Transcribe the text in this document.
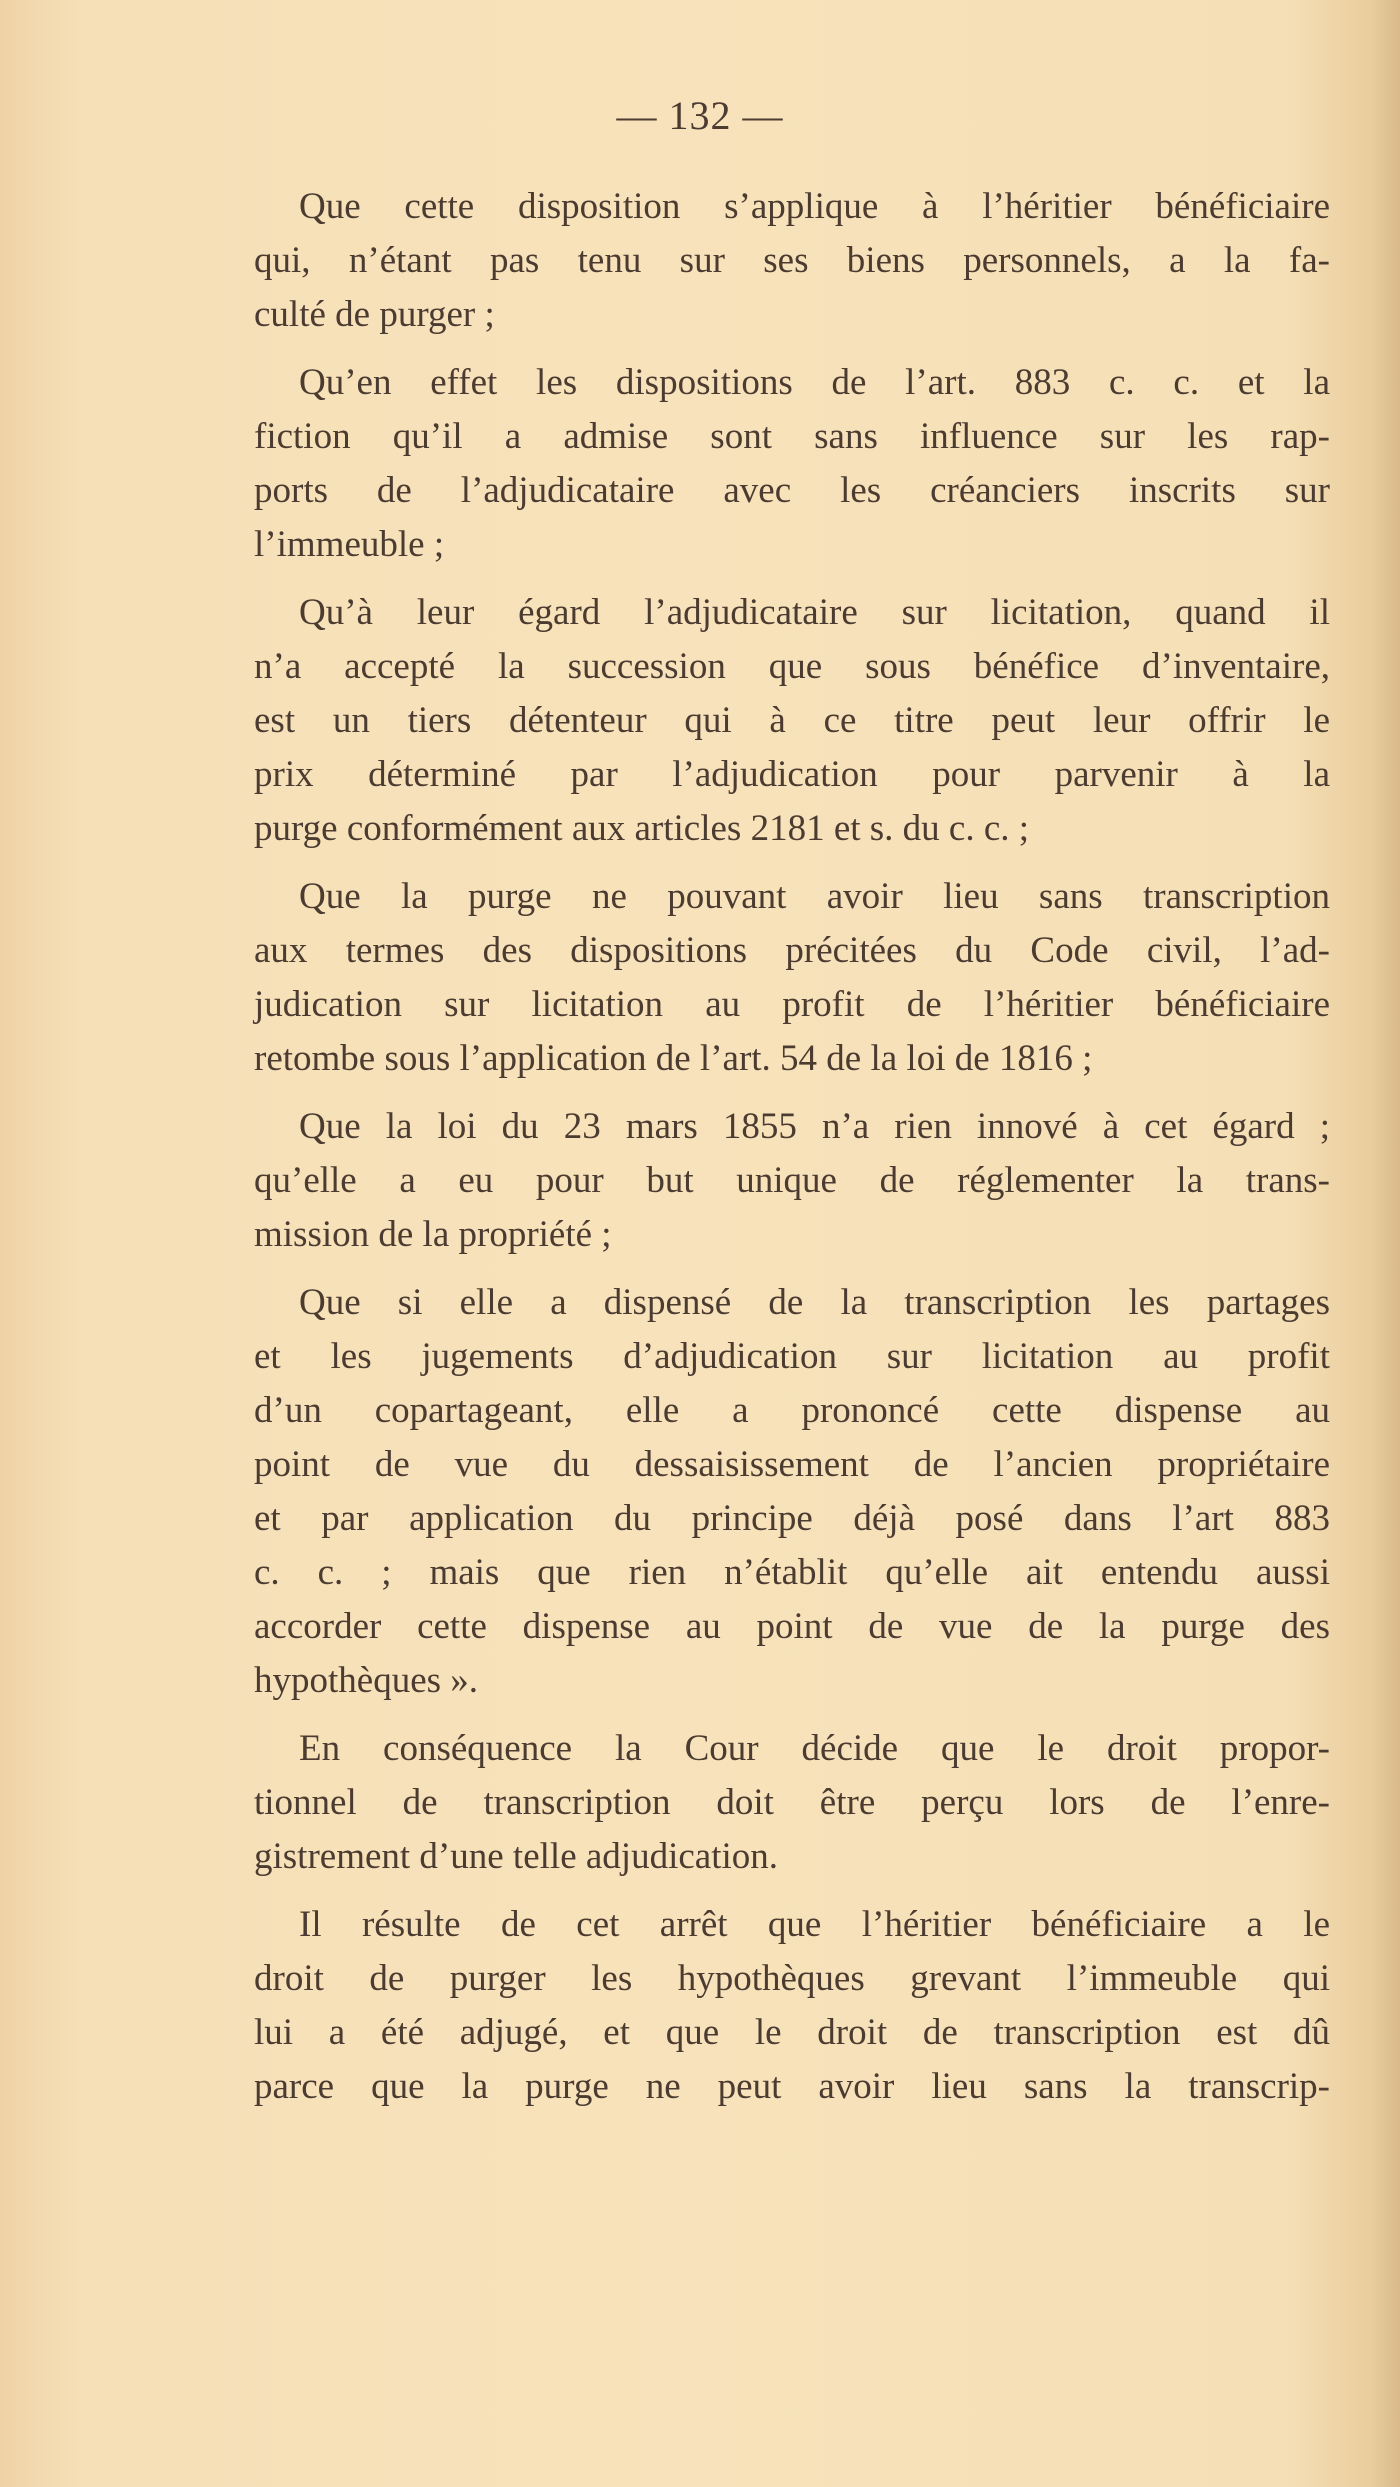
— 132 —
Que cette disposition s’applique à l’héritier bénéficiaire
qui, n’étant pas tenu sur ses biens personnels, a la fa-
culté de purger ;
Qu’en effet les dispositions de l’art. 883 c. c. et la
fiction qu’il a admise sont sans influence sur les rap-
ports de l’adjudicataire avec les créanciers inscrits sur
l’immeuble ;
Qu’à leur égard l’adjudicataire sur licitation, quand il
n’a accepté la succession que sous bénéfice d’inventaire,
est un tiers détenteur qui à ce titre peut leur offrir le
prix déterminé par l’adjudication pour parvenir à la
purge conformément aux articles 2181 et s. du c. c. ;
Que la purge ne pouvant avoir lieu sans transcription
aux termes des dispositions précitées du Code civil, l’ad-
judication sur licitation au profit de l’héritier bénéficiaire
retombe sous l’application de l’art. 54 de la loi de 1816 ;
Que la loi du 23 mars 1855 n’a rien innové à cet égard ;
qu’elle a eu pour but unique de réglementer la trans-
mission de la propriété ;
Que si elle a dispensé de la transcription les partages
et les jugements d’adjudication sur licitation au profit
d’un copartageant, elle a prononcé cette dispense au
point de vue du dessaisissement de l’ancien propriétaire
et par application du principe déjà posé dans l’art 883
c. c. ; mais que rien n’établit qu’elle ait entendu aussi
accorder cette dispense au point de vue de la purge des
hypothèques ».
En conséquence la Cour décide que le droit propor-
tionnel de transcription doit être perçu lors de l’enre-
gistrement d’une telle adjudication.
Il résulte de cet arrêt que l’héritier bénéficiaire a le
droit de purger les hypothèques grevant l’immeuble qui
lui a été adjugé, et que le droit de transcription est dû
parce que la purge ne peut avoir lieu sans la transcrip-
